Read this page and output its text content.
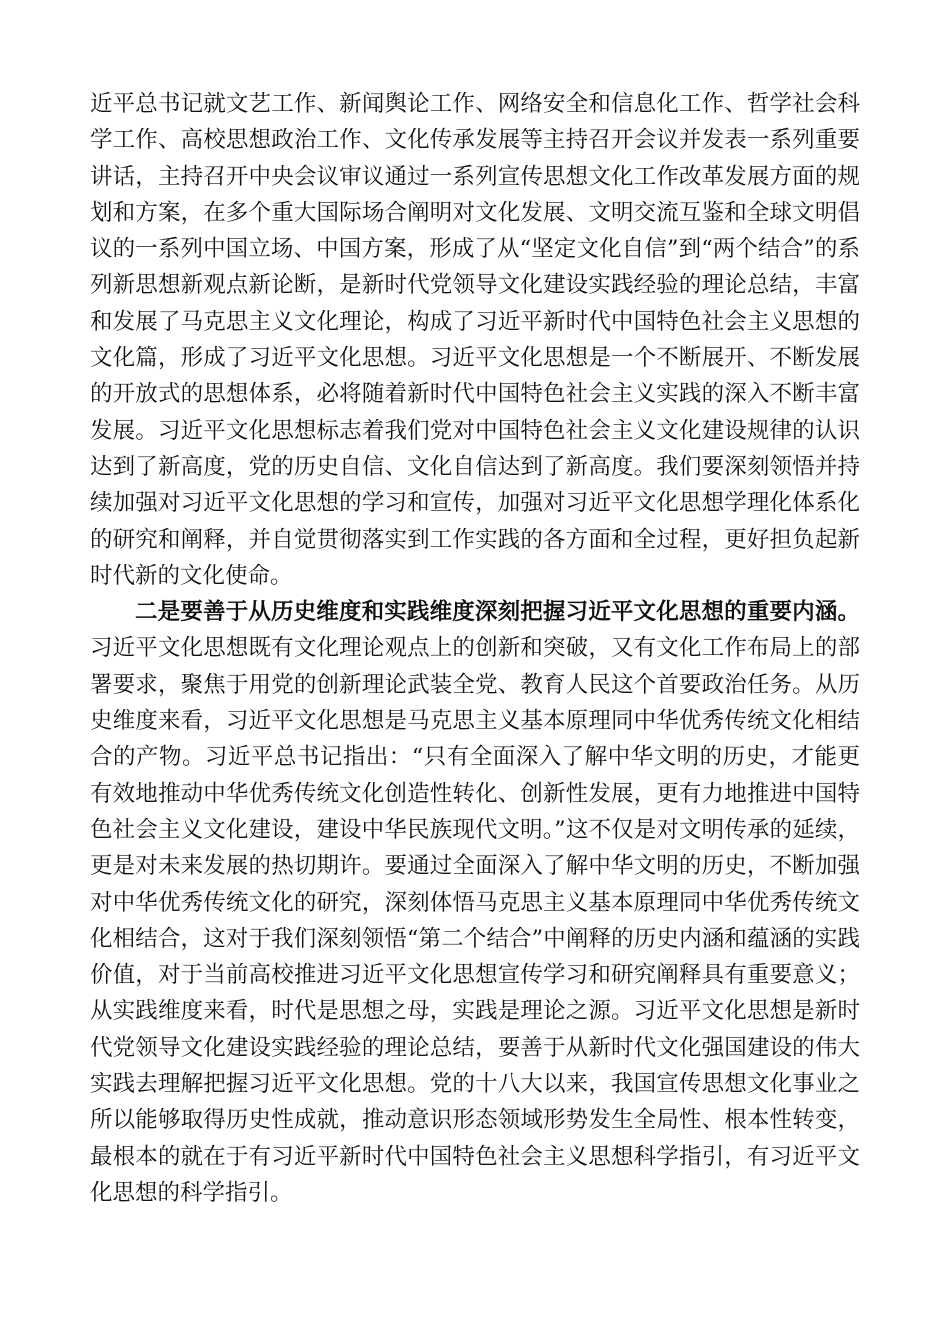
近平总书记就文艺工作、新闻舆论工作、网络安全和信息化工作、哲学社会科学工作、高校思想政治工作、文化传承发展等主持召开会议并发表一系列重要讲话，主持召开中央会议审议通过一系列宣传思想文化工作改革发展方面的规划和方案，在多个重大国际场合阐明对文化发展、文明交流互鉴和全球文明倡议的一系列中国立场、中国方案，形成了从“坚定文化自信”到“两个结合”的系列新思想新观点新论断，是新时代党领导文化建设实践经验的理论总结，丰富和发展了马克思主义文化理论，构成了习近平新时代中国特色社会主义思想的文化篇，形成了习近平文化思想。习近平文化思想是一个不断展开、不断发展的开放式的思想体系，必将随着新时代中国特色社会主义实践的深入不断丰富发展。习近平文化思想标志着我们党对中国特色社会主义文化建设规律的认识达到了新高度，党的历史自信、文化自信达到了新高度。我们要深刻领悟并持续加强对习近平文化思想的学习和宣传，加强对习近平文化思想学理化体系化的研究和阐释，并自觉贯彻落实到工作实践的各方面和全过程，更好担负起新时代新的文化使命。

二是要善于从历史维度和实践维度深刻把握习近平文化思想的重要内涵。习近平文化思想既有文化理论观点上的创新和突破，又有文化工作布局上的部署要求，聚焦于用党的创新理论武装全党、教育人民这个首要政治任务。从历史维度来看，习近平文化思想是马克思主义基本原理同中华优秀传统文化相结合的产物。习近平总书记指出：“只有全面深入了解中华文明的历史，才能更有效地推动中华优秀传统文化创造性转化、创新性发展，更有力地推进中国特色社会主义文化建设，建设中华民族现代文明。”这不仅是对文明传承的延续，更是对未来发展的热切期许。要通过全面深入了解中华文明的历史，不断加强对中华优秀传统文化的研究，深刻体悟马克思主义基本原理同中华优秀传统文化相结合，这对于我们深刻领悟“第二个结合”中阐释的历史内涵和蕴涵的实践价值，对于当前高校推进习近平文化思想宣传学习和研究阐释具有重要意义；从实践维度来看，时代是思想之母，实践是理论之源。习近平文化思想是新时代党领导文化建设实践经验的理论总结，要善于从新时代文化强国建设的伟大实践去理解把握习近平文化思想。党的十八大以来，我国宣传思想文化事业之所以能够取得历史性成就，推动意识形态领域形势发生全局性、根本性转变，最根本的就在于有习近平新时代中国特色社会主义思想科学指引，有习近平文化思想的科学指引。
